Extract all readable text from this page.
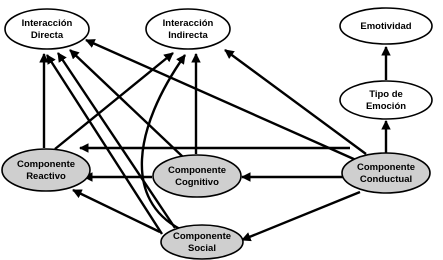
Interacción
Directa
Interacción
Indirecta
Emotividad
Tipo de
Emoción
Componente
Reactivo
Componente
Cognitivo
Componente
Conductual
Componente
Social
